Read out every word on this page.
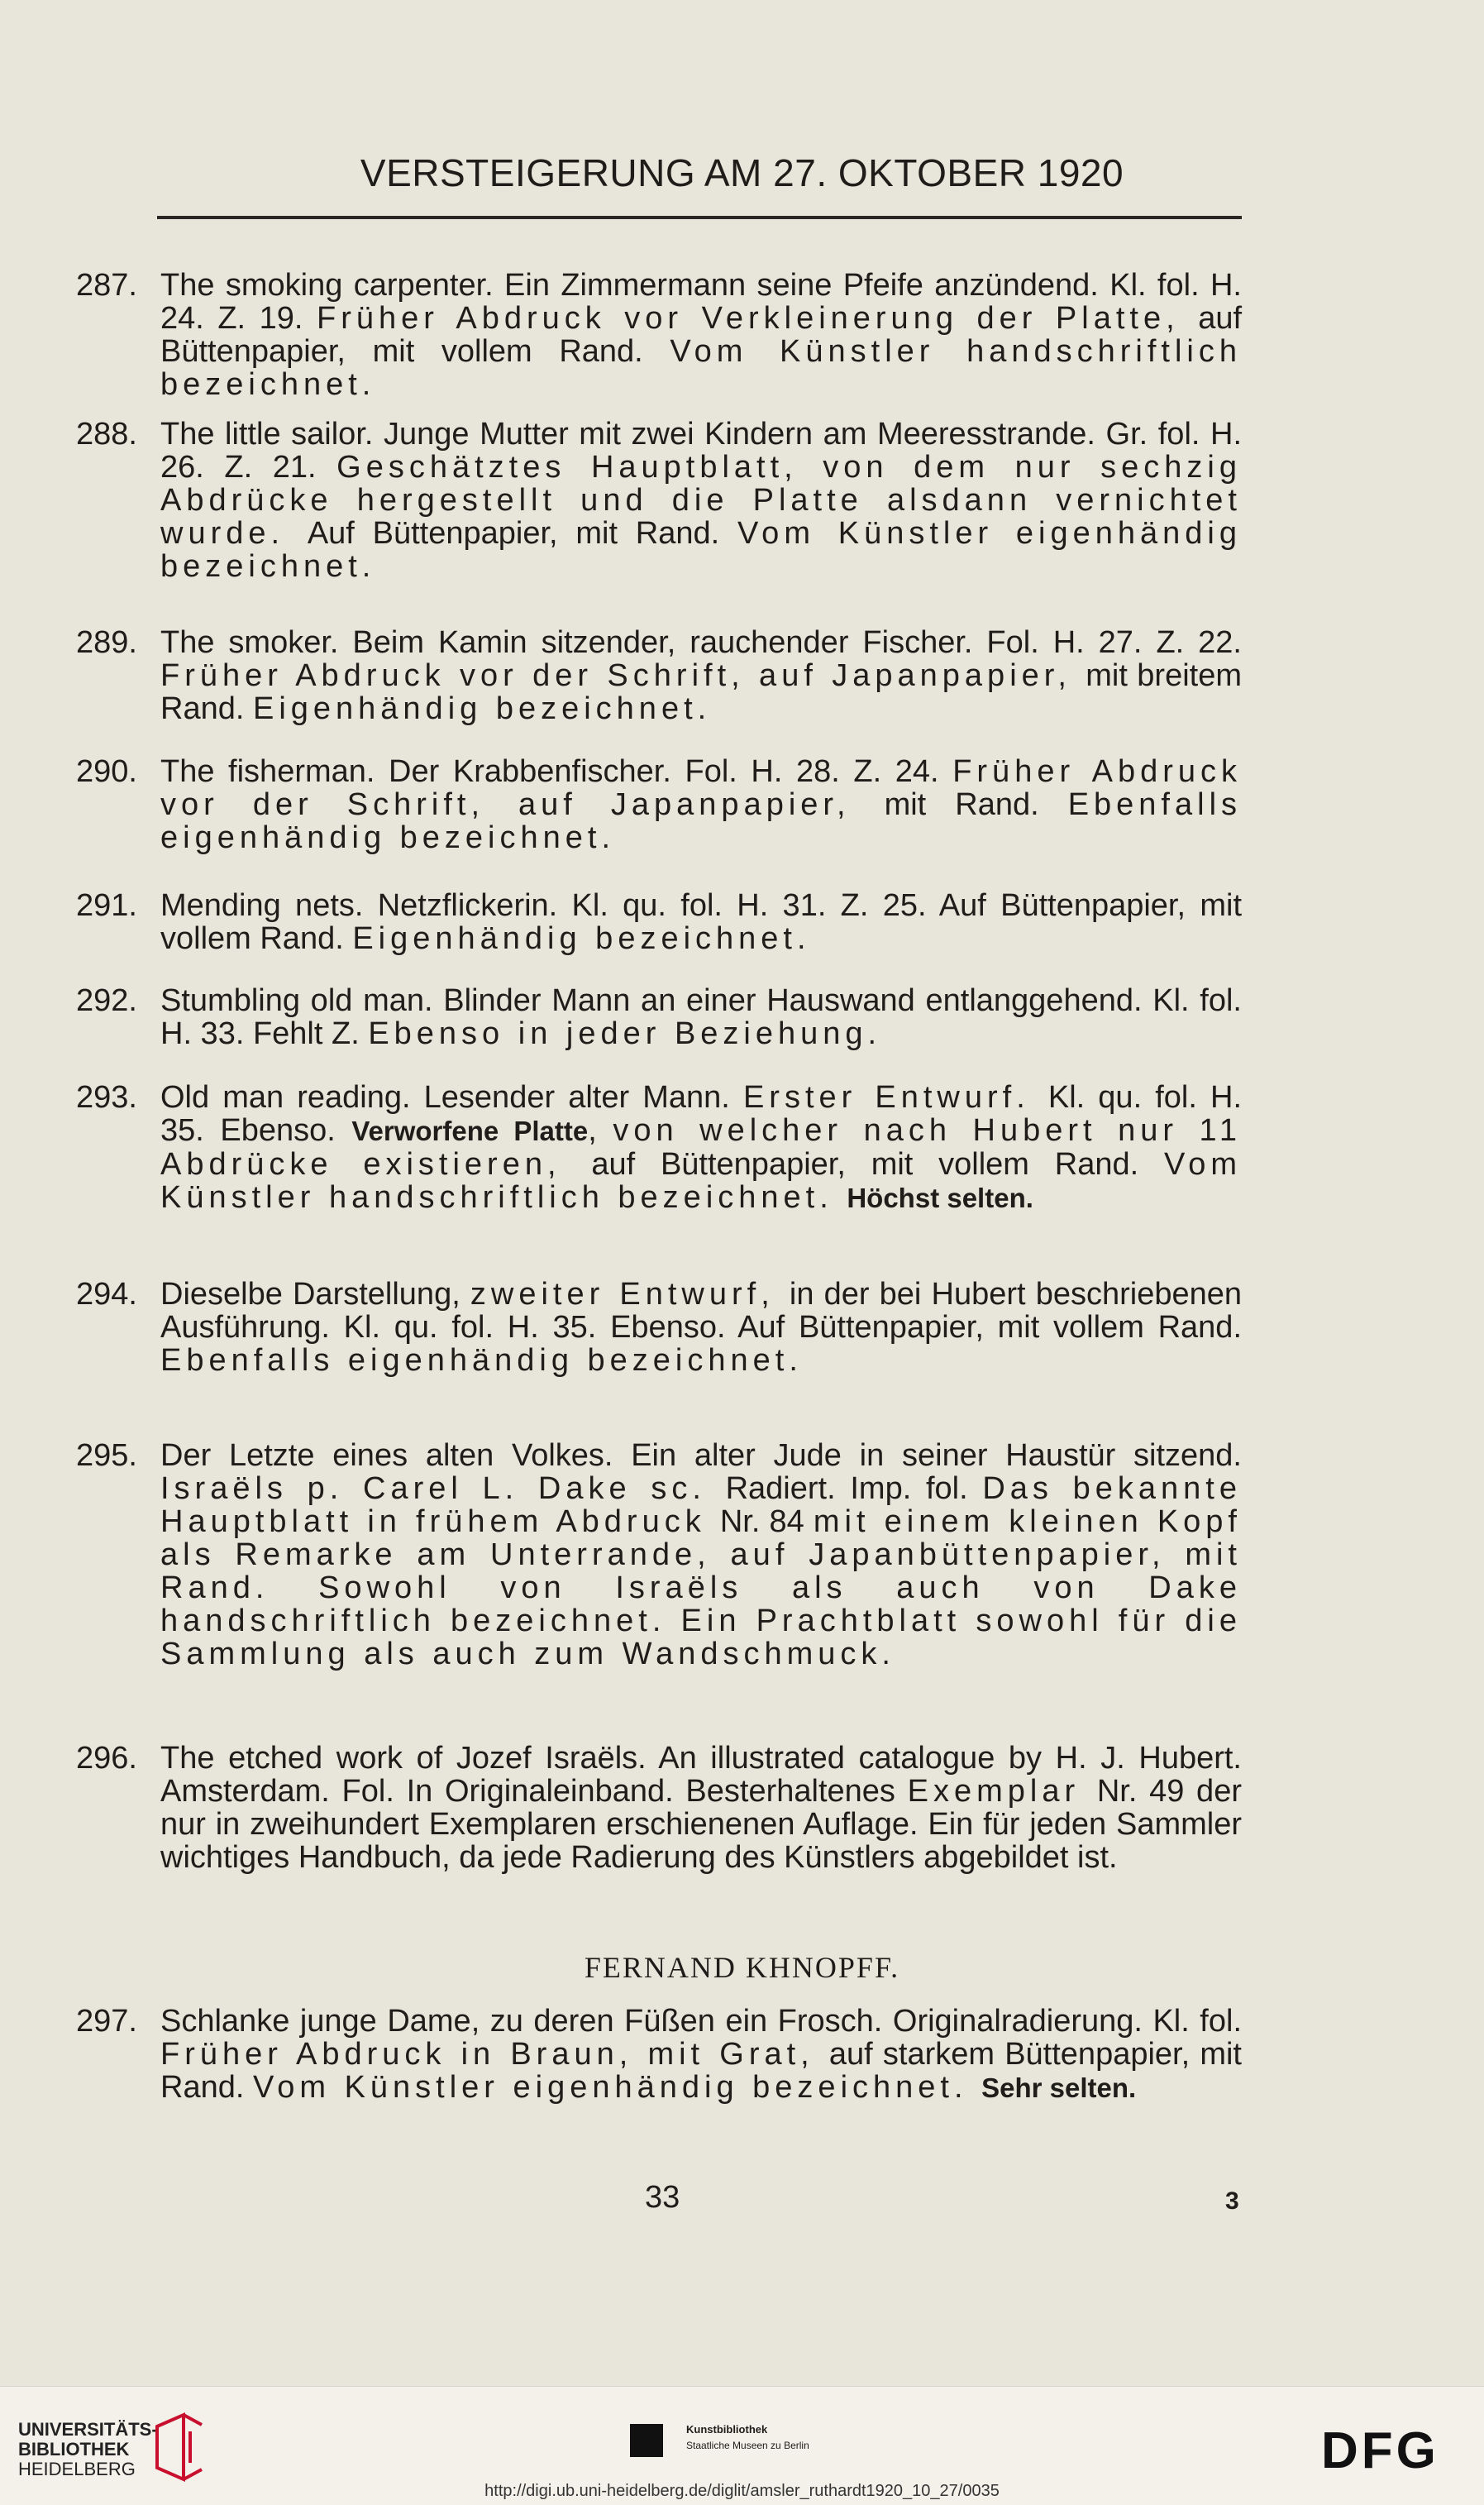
VERSTEIGERUNG AM 27. OKTOBER 1920
287. The smoking carpenter. Ein Zimmermann seine Pfeife anzündend. Kl. fol. H. 24. Z. 19. Früher Abdruck vor Verkleinerung der Platte, auf Büttenpapier, mit vollem Rand. Vom Künstler handschriftlich bezeichnet.
288. The little sailor. Junge Mutter mit zwei Kindern am Meeresstrande. Gr. fol. H. 26. Z. 21. Geschätztes Hauptblatt, von dem nur sechzig Abdrücke hergestellt und die Platte alsdann vernichtet wurde. Auf Büttenpapier, mit Rand. Vom Künstler eigenhändig bezeichnet.
289. The smoker. Beim Kamin sitzender, rauchender Fischer. Fol. H. 27. Z. 22. Früher Abdruck vor der Schrift, auf Japanpapier, mit breitem Rand. Eigenhändig bezeichnet.
290. The fisherman. Der Krabbenfischer. Fol. H. 28. Z. 24. Früher Abdruck vor der Schrift, auf Japanpapier, mit Rand. Ebenfalls eigenhändig bezeichnet.
291. Mending nets. Netzflickerin. Kl. qu. fol. H. 31. Z. 25. Auf Büttenpapier, mit vollem Rand. Eigenhändig bezeichnet.
292. Stumbling old man. Blinder Mann an einer Hauswand entlanggehend. Kl. fol. H. 33. Fehlt Z. Ebenso in jeder Beziehung.
293. Old man reading. Lesender alter Mann. Erster Entwurf. Kl. qu. fol. H. 35. Ebenso. Verworfene Platte, von welcher nach Hubert nur 11 Abdrücke existieren, auf Büttenpapier, mit vollem Rand. Vom Künstler handschriftlich bezeichnet. Höchst selten.
294. Dieselbe Darstellung, zweiter Entwurf, in der bei Hubert beschriebenen Ausführung. Kl. qu. fol. H. 35. Ebenso. Auf Büttenpapier, mit vollem Rand. Ebenfalls eigenhändig bezeichnet.
295. Der Letzte eines alten Volkes. Ein alter Jude in seiner Haustür sitzend. Israëls p. Carel L. Dake sc. Radiert. Imp. fol. Das bekannte Hauptblatt in frühem Abdruck Nr. 84 mit einem kleinen Kopf als Remarke am Unterrande, auf Japanbüttenpapier, mit Rand. Sowohl von Israëls als auch von Dake handschriftlich bezeichnet. Ein Prachtblatt sowohl für die Sammlung als auch zum Wandschmuck.
296. The etched work of Jozef Israëls. An illustrated catalogue by H. J. Hubert. Amsterdam. Fol. In Originaleinband. Besterhaltenes Exemplar Nr. 49 der nur in zweihundert Exemplaren erschienenen Auflage. Ein für jeden Sammler wichtiges Handbuch, da jede Radierung des Künstlers abgebildet ist.
FERNAND KHNOPFF.
297. Schlanke junge Dame, zu deren Füßen ein Frosch. Originalradierung. Kl. fol. Früher Abdruck in Braun, mit Grat, auf starkem Büttenpapier, mit Rand. Vom Künstler eigenhändig bezeichnet. Sehr selten.
33	3
UNIVERSITÄTS-
BIBLIOTHEK
HEIDELBERG
Kunstbibliothek
Staatliche Museen zu Berlin	DFG
http://digi.ub.uni-heidelberg.de/diglit/amsler_ruthardt1920_10_27/0035
